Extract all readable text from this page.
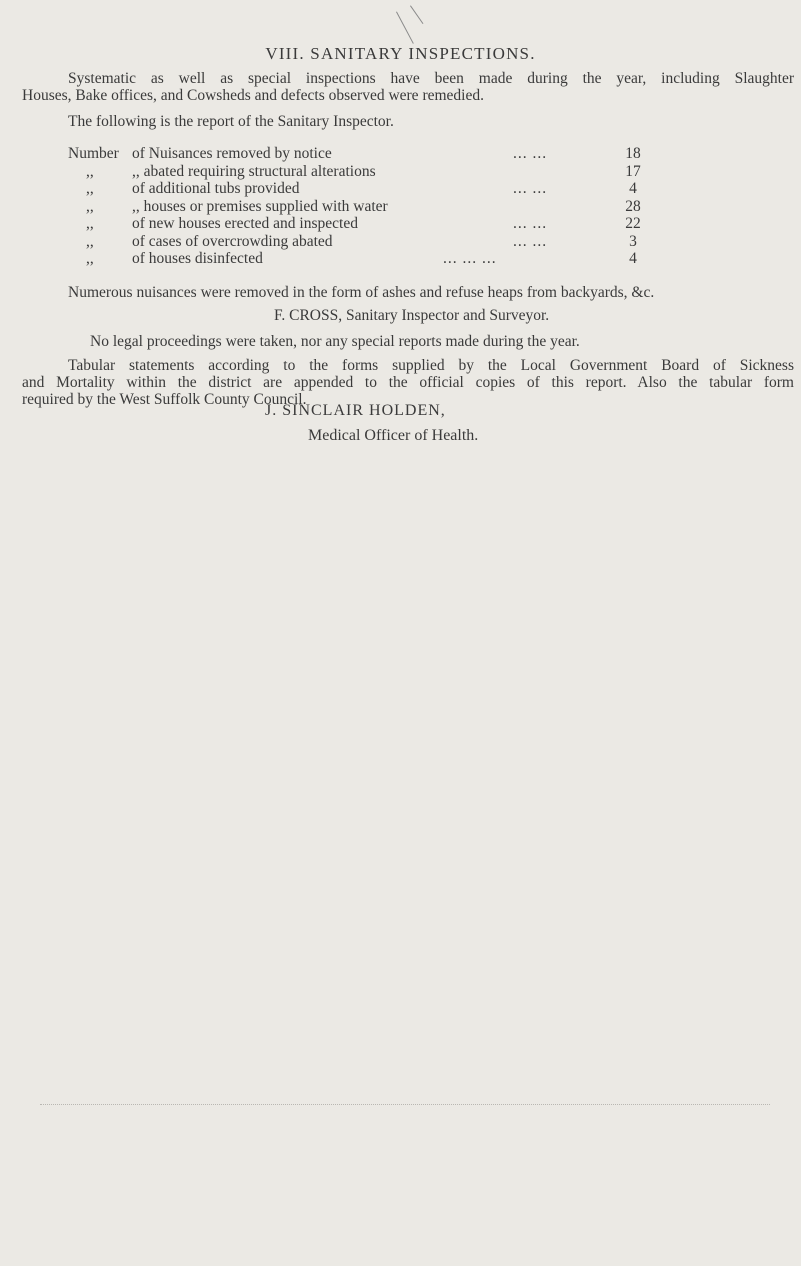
VIII. SANITARY INSPECTIONS.
Systematic as well as special inspections have been made during the year, including Slaughter
Houses, Bake offices, and Cowsheds and defects observed were remedied.
The following is the report of the Sanitary Inspector.
Number of Nuisances removed by notice	... ...	18
,, ,, abated requiring structural alterations	17
,, of additional tubs provided	... ...	4
,, ,, houses or premises supplied with water	28
,, of new houses erected and inspected	... ...	22
,, of cases of overcrowding abated	... ...	3
,, of houses disinfected	... ... ...	4
Numerous nuisances were removed in the form of ashes and refuse heaps from backyards, &c.
F. CROSS, Sanitary Inspector and Surveyor.
No legal proceedings were taken, nor any special reports made during the year.
Tabular statements according to the forms supplied by the Local Government Board of Sickness
and Mortality within the district are appended to the official copies of this report. Also the tabular form
required by the West Suffolk County Council.
J. SINCLAIR HOLDEN,
Medical Officer of Health.
